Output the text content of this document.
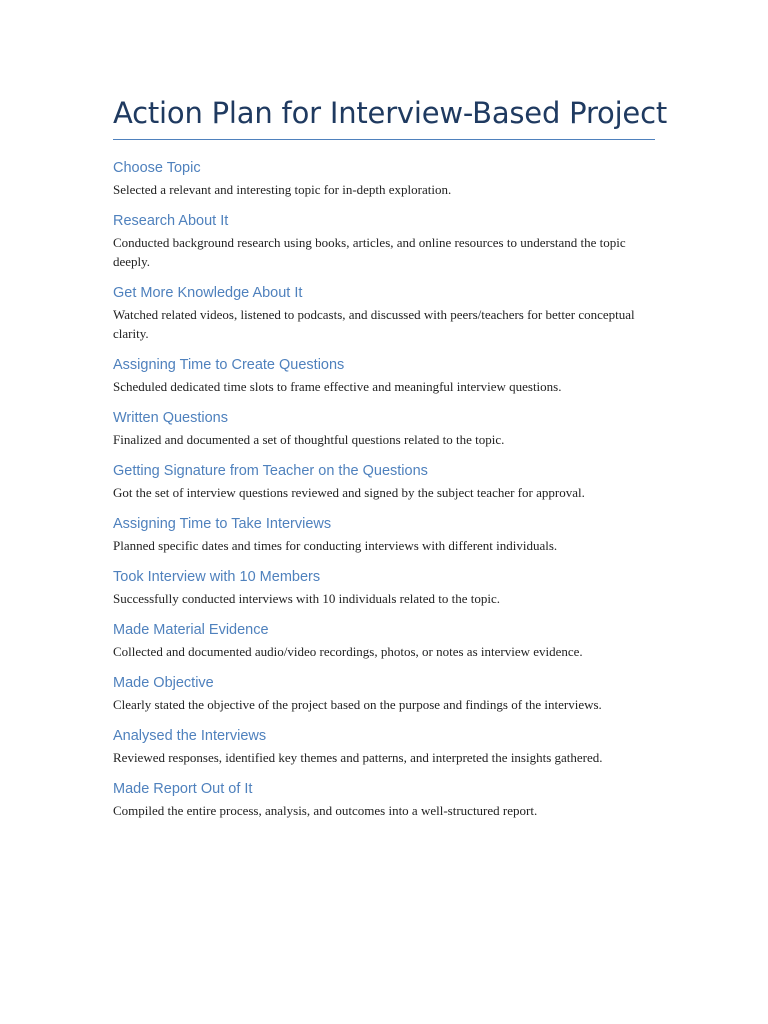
Action Plan for Interview-Based Project
Choose Topic

Selected a relevant and interesting topic for in-depth exploration.

Research About It

Conducted background research using books, articles, and online resources to understand the topic deeply.

Get More Knowledge About It

Watched related videos, listened to podcasts, and discussed with peers/teachers for better conceptual clarity.

Assigning Time to Create Questions

Scheduled dedicated time slots to frame effective and meaningful interview questions.

Written Questions

Finalized and documented a set of thoughtful questions related to the topic.

Getting Signature from Teacher on the Questions

Got the set of interview questions reviewed and signed by the subject teacher for approval.

Assigning Time to Take Interviews

Planned specific dates and times for conducting interviews with different individuals.

Took Interview with 10 Members

Successfully conducted interviews with 10 individuals related to the topic.

Made Material Evidence

Collected and documented audio/video recordings, photos, or notes as interview evidence.

Made Objective

Clearly stated the objective of the project based on the purpose and findings of the interviews.

Analysed the Interviews

Reviewed responses, identified key themes and patterns, and interpreted the insights gathered.

Made Report Out of It

Compiled the entire process, analysis, and outcomes into a well-structured report.
